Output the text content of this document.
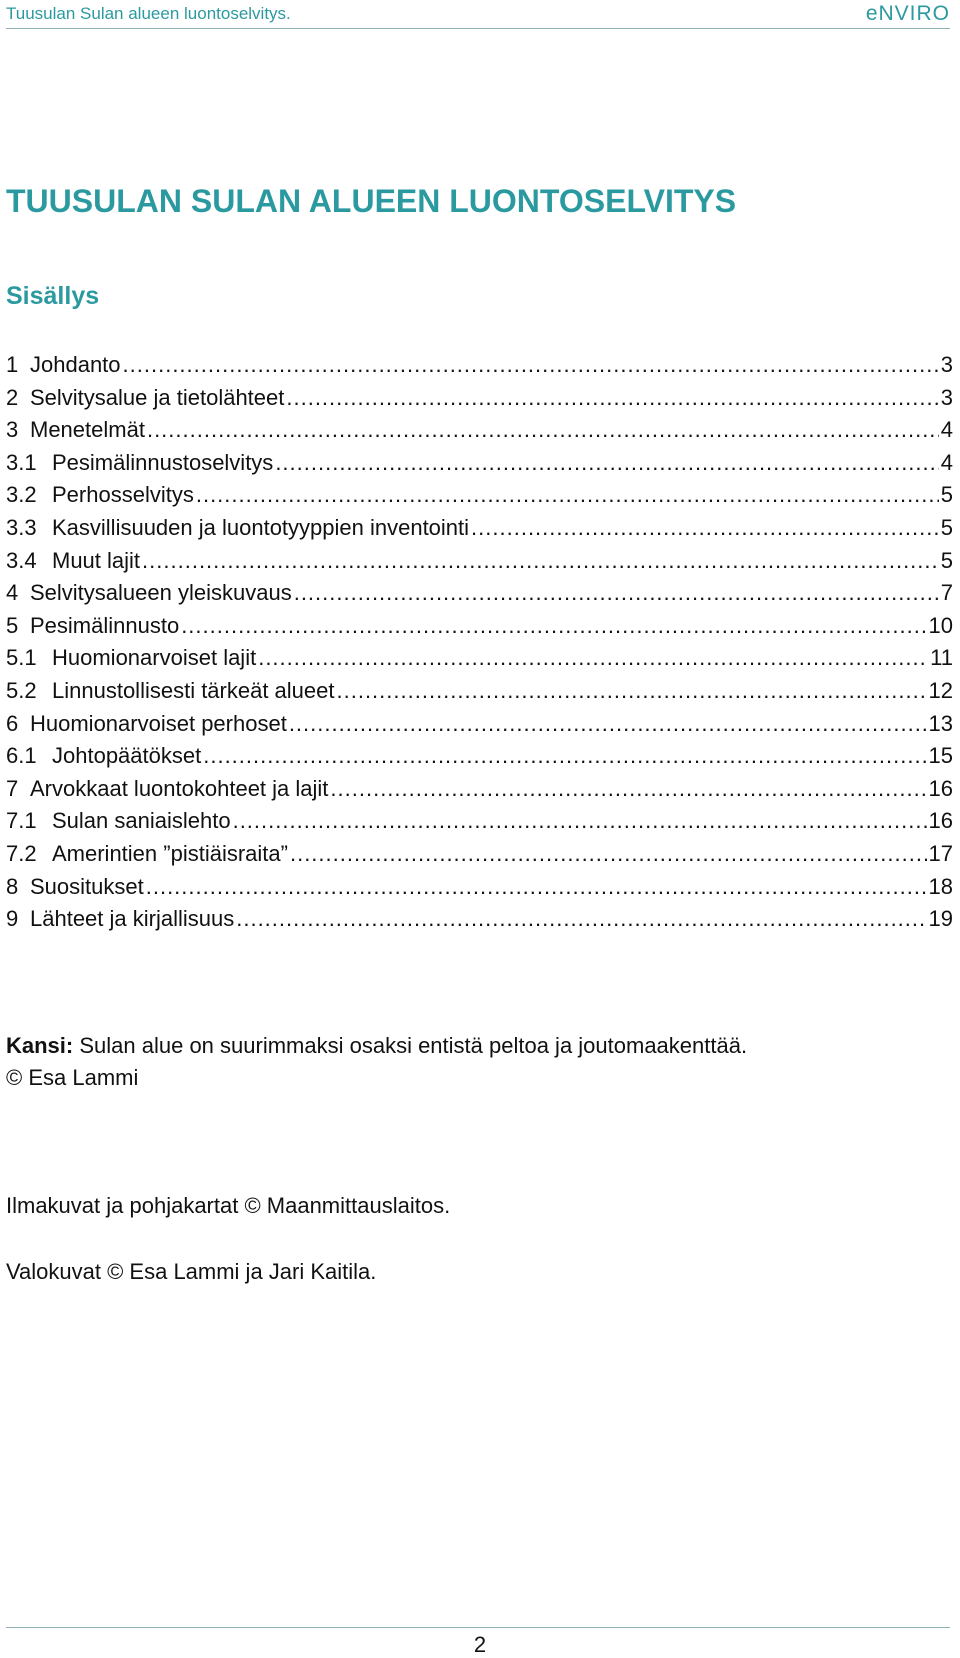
Tuusulan Sulan alueen luontoselvitys.	eNVIRO
TUUSULAN SULAN ALUEEN LUONTOSELVITYS
Sisällys
1 Johdanto .....	3
2 Selvitysalue ja tietolähteet .....	3
3 Menetelmät .....	4
3.1 Pesimälinnustoselvitys .....	4
3.2 Perhosselvitys .....	5
3.3 Kasvillisuuden ja luontotyyppien inventointi .....	5
3.4 Muut lajit .....	5
4 Selvitysalueen yleiskuvaus .....	7
5 Pesimälinnusto .....	10
5.1 Huomionarvoiset lajit .....	11
5.2 Linnustollisesti tärkeät alueet .....	12
6 Huomionarvoiset perhoset .....	13
6.1 Johtopäätökset .....	15
7 Arvokkaat luontokohteet ja lajit .....	16
7.1 Sulan saniaislehto .....	16
7.2 Amerintien ”pistiäisraita” .....	17
8 Suositukset .....	18
9 Lähteet ja kirjallisuus .....	19

Kansi: Sulan alue on suurimmaksi osaksi entistä peltoa ja joutomaakenttää.
© Esa Lammi

Ilmakuvat ja pohjakartat © Maanmittauslaitos.

Valokuvat © Esa Lammi ja Jari Kaitila.

2
